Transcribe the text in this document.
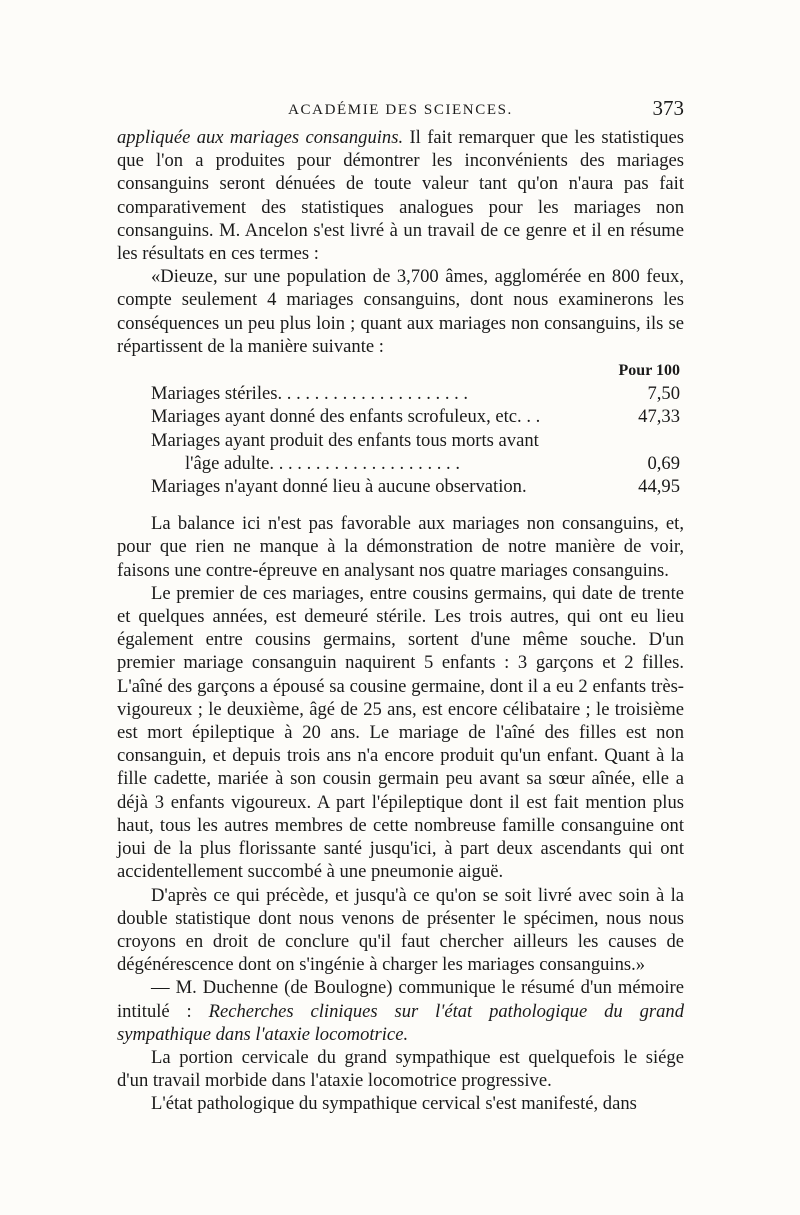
ACADÉMIE DES SCIENCES.	373

appliquée aux mariages consanguins. Il fait remarquer que les statistiques que l'on a produites pour démontrer les inconvénients des mariages consanguins seront dénuées de toute valeur tant qu'on n'aura pas fait comparativement des statistiques analogues pour les mariages non consanguins. M. Ancelon s'est livré à un travail de ce genre et il en résume les résultats en ces termes :

«Dieuze, sur une population de 3,700 âmes, agglomérée en 800 feux, compte seulement 4 mariages consanguins, dont nous examinerons les conséquences un peu plus loin ; quant aux mariages non consanguins, ils se répartissent de la manière suivante :

Pour 100
Mariages stériles. . . . . . . . . . . . . . . . . . . . .	7,50
Mariages ayant donné des enfants scrofuleux, etc. . .	47,33
Mariages ayant produit des enfants tous morts avant
l'âge adulte. . . . . . . . . . . . . . . . . . . . .	0,69
Mariages n'ayant donné lieu à aucune observation.	44,95

La balance ici n'est pas favorable aux mariages non consanguins, et, pour que rien ne manque à la démonstration de notre manière de voir, faisons une contre-épreuve en analysant nos quatre mariages consanguins.

Le premier de ces mariages, entre cousins germains, qui date de trente et quelques années, est demeuré stérile. Les trois autres, qui ont eu lieu également entre cousins germains, sortent d'une même souche. D'un premier mariage consanguin naquirent 5 enfants : 3 garçons et 2 filles. L'aîné des garçons a épousé sa cousine germaine, dont il a eu 2 enfants très-vigoureux ; le deuxième, âgé de 25 ans, est encore célibataire ; le troisième est mort épileptique à 20 ans. Le mariage de l'aîné des filles est non consanguin, et depuis trois ans n'a encore produit qu'un enfant. Quant à la fille cadette, mariée à son cousin germain peu avant sa sœur aînée, elle a déjà 3 enfants vigoureux. A part l'épileptique dont il est fait mention plus haut, tous les autres membres de cette nombreuse famille consanguine ont joui de la plus florissante santé jusqu'ici, à part deux ascendants qui ont accidentellement succombé à une pneumonie aiguë.

D'après ce qui précède, et jusqu'à ce qu'on se soit livré avec soin à la double statistique dont nous venons de présenter le spécimen, nous nous croyons en droit de conclure qu'il faut chercher ailleurs les causes de dégénérescence dont on s'ingénie à charger les mariages consanguins.»

— M. Duchenne (de Boulogne) communique le résumé d'un mémoire intitulé : Recherches cliniques sur l'état pathologique du grand sympathique dans l'ataxie locomotrice.

La portion cervicale du grand sympathique est quelquefois le siége d'un travail morbide dans l'ataxie locomotrice progressive.

L'état pathologique du sympathique cervical s'est manifesté, dans
